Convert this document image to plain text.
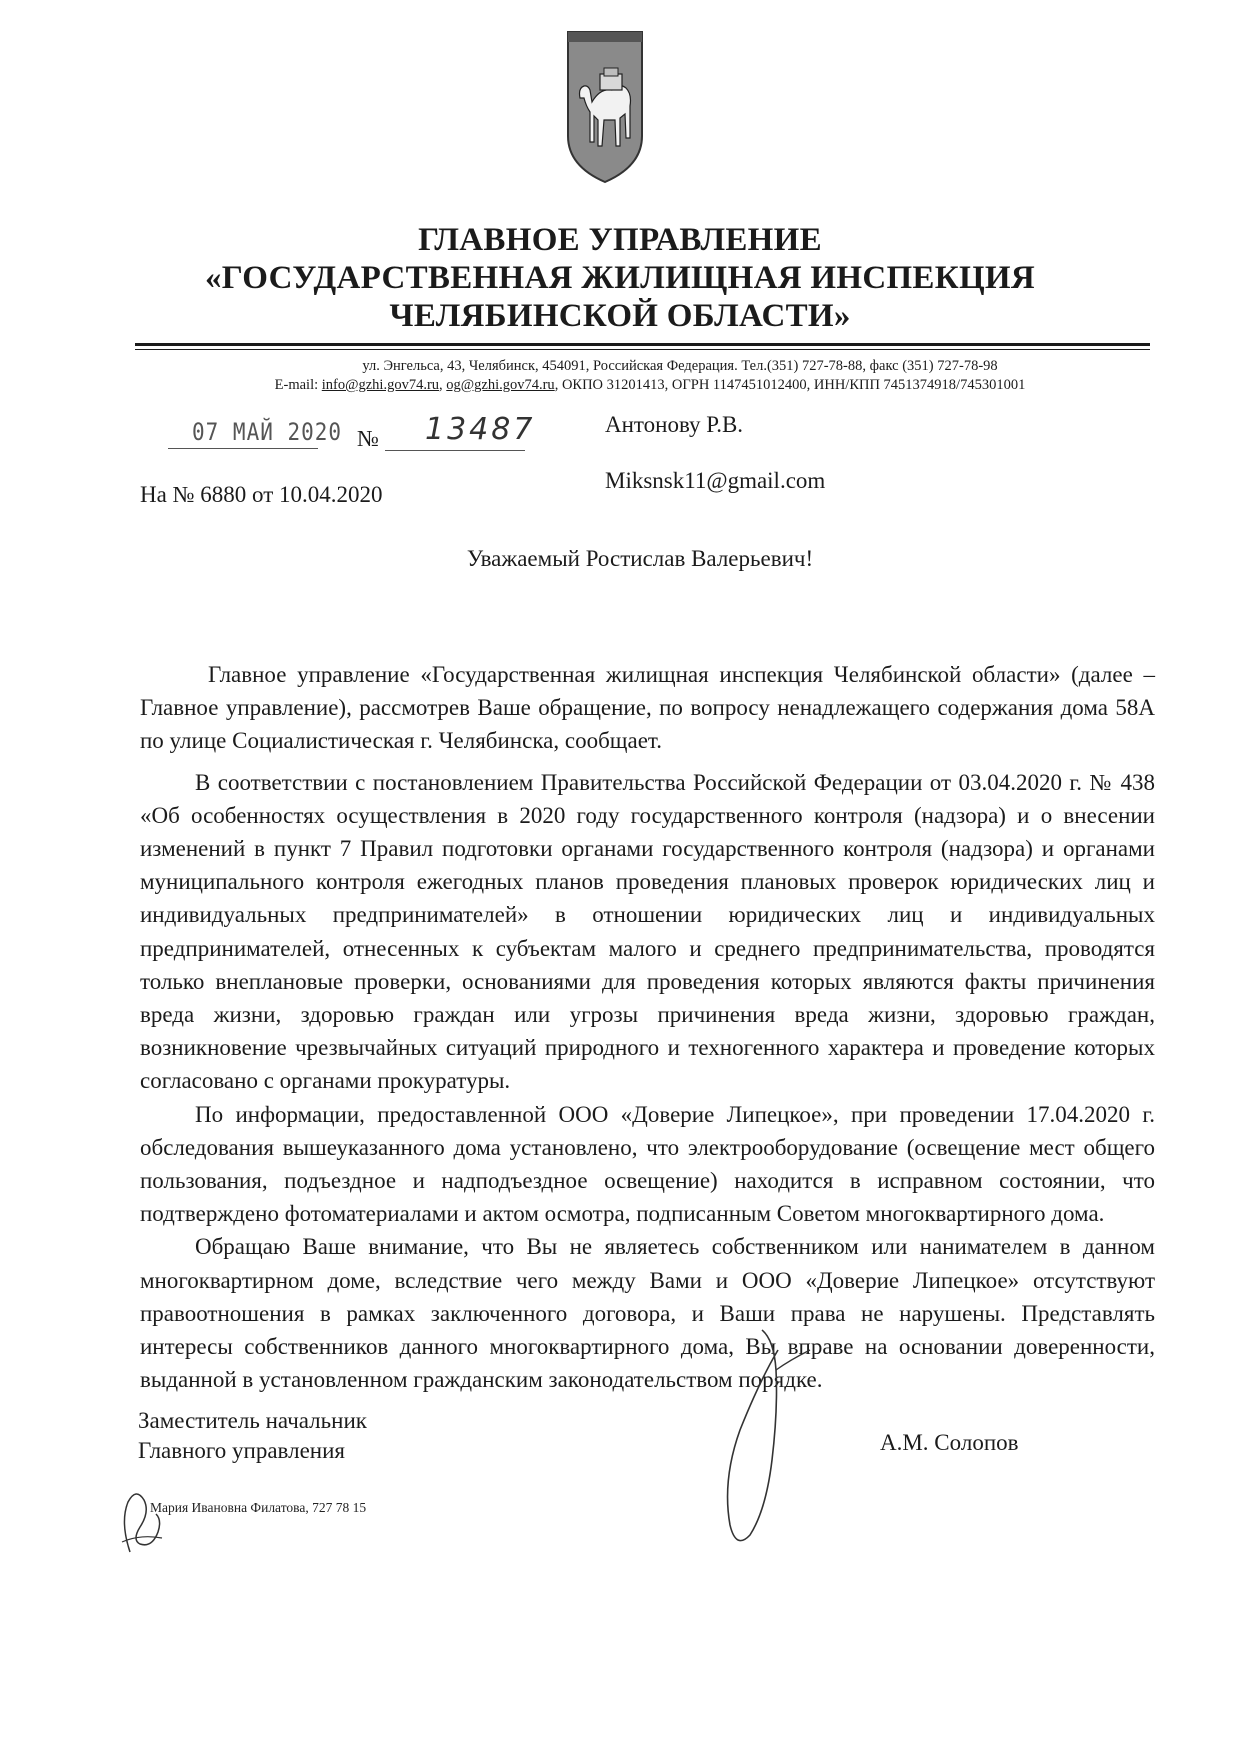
ГЛАВНОЕ УПРАВЛЕНИЕ
«ГОСУДАРСТВЕННАЯ ЖИЛИЩНАЯ ИНСПЕКЦИЯ
ЧЕЛЯБИНСКОЙ ОБЛАСТИ»
ул. Энгельса, 43, Челябинск, 454091, Российская Федерация. Тел.(351) 727-78-88, факс (351) 727-78-98
E-mail: info@gzhi.gov74.ru, og@gzhi.gov74.ru, ОКПО 31201413, ОГРН 1147451012400, ИНН/КПП 7451374918/745301001
07 МАЙ 2020 № 13487
На № 6880 от 10.04.2020
Антонову Р.В.
Miksnsk11@gmail.com
Уважаемый Ростислав Валерьевич!

Главное управление «Государственная жилищная инспекция Челябинской области» (далее – Главное управление), рассмотрев Ваше обращение, по вопросу ненадлежащего содержания дома 58А по улице Социалистическая г. Челябинска, сообщает.

В соответствии с постановлением Правительства Российской Федерации от 03.04.2020 г. № 438 «Об особенностях осуществления в 2020 году государственного контроля (надзора) и о внесении изменений в пункт 7 Правил подготовки органами государственного контроля (надзора) и органами муниципального контроля ежегодных планов проведения плановых проверок юридических лиц и индивидуальных предпринимателей» в отношении юридических лиц и индивидуальных предпринимателей, отнесенных к субъектам малого и среднего предпринимательства, проводятся только внеплановые проверки, основаниями для проведения которых являются факты причинения вреда жизни, здоровью граждан или угрозы причинения вреда жизни, здоровью граждан, возникновение чрезвычайных ситуаций природного и техногенного характера и проведение которых согласовано с органами прокуратуры.

По информации, предоставленной ООО «Доверие Липецкое», при проведении 17.04.2020 г. обследования вышеуказанного дома установлено, что электрооборудование (освещение мест общего пользования, подъездное и надподъездное освещение) находится в исправном состоянии, что подтверждено фотоматериалами и актом осмотра, подписанным Советом многоквартирного дома.

Обращаю Ваше внимание, что Вы не являетесь собственником или нанимателем в данном многоквартирном доме, вследствие чего между Вами и ООО «Доверие Липецкое» отсутствуют правоотношения в рамках заключенного договора, и Ваши права не нарушены. Представлять интересы собственников данного многоквартирного дома, Вы вправе на основании доверенности, выданной в установленном гражданским законодательством порядке.

Заместитель начальник
Главного управления	А.М. Солопов
Мария Ивановна Филатова, 727 78 15
